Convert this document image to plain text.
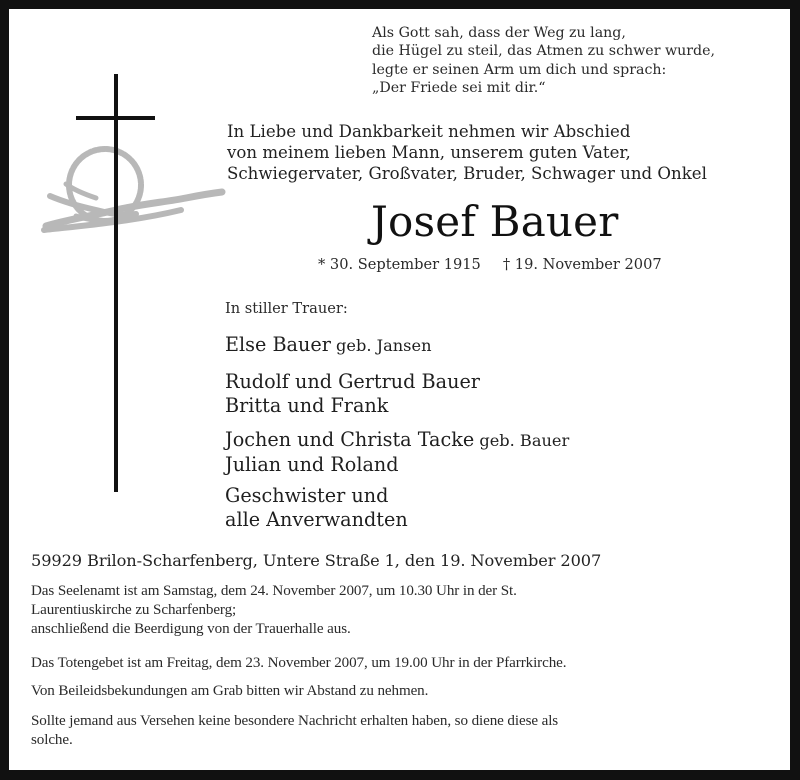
Als Gott sah, dass der Weg zu lang,
die Hügel zu steil, das Atmen zu schwer wurde,
legte er seinen Arm um dich und sprach:
„Der Friede sei mit dir.“
In Liebe und Dankbarkeit nehmen wir Abschied
von meinem lieben Mann, unserem guten Vater,
Schwiegervater, Großvater, Bruder, Schwager und Onkel
Josef Bauer
* 30. September 1915 † 19. November 2007
In stiller Trauer:
Else Bauer geb. Jansen
Rudolf und Gertrud Bauer
Britta und Frank
Jochen und Christa Tacke geb. Bauer
Julian und Roland
Geschwister und
alle Anverwandten
59929 Brilon-Scharfenberg, Untere Straße 1, den 19. November 2007
Das Seelenamt ist am Samstag, dem 24. November 2007, um 10.30 Uhr in der St.
Laurentiuskirche zu Scharfenberg;
anschließend die Beerdigung von der Trauerhalle aus.
Das Totengebet ist am Freitag, dem 23. November 2007, um 19.00 Uhr in der Pfarrkirche.
Von Beileidsbekundungen am Grab bitten wir Abstand zu nehmen.
Sollte jemand aus Versehen keine besondere Nachricht erhalten haben, so diene diese als
solche.
